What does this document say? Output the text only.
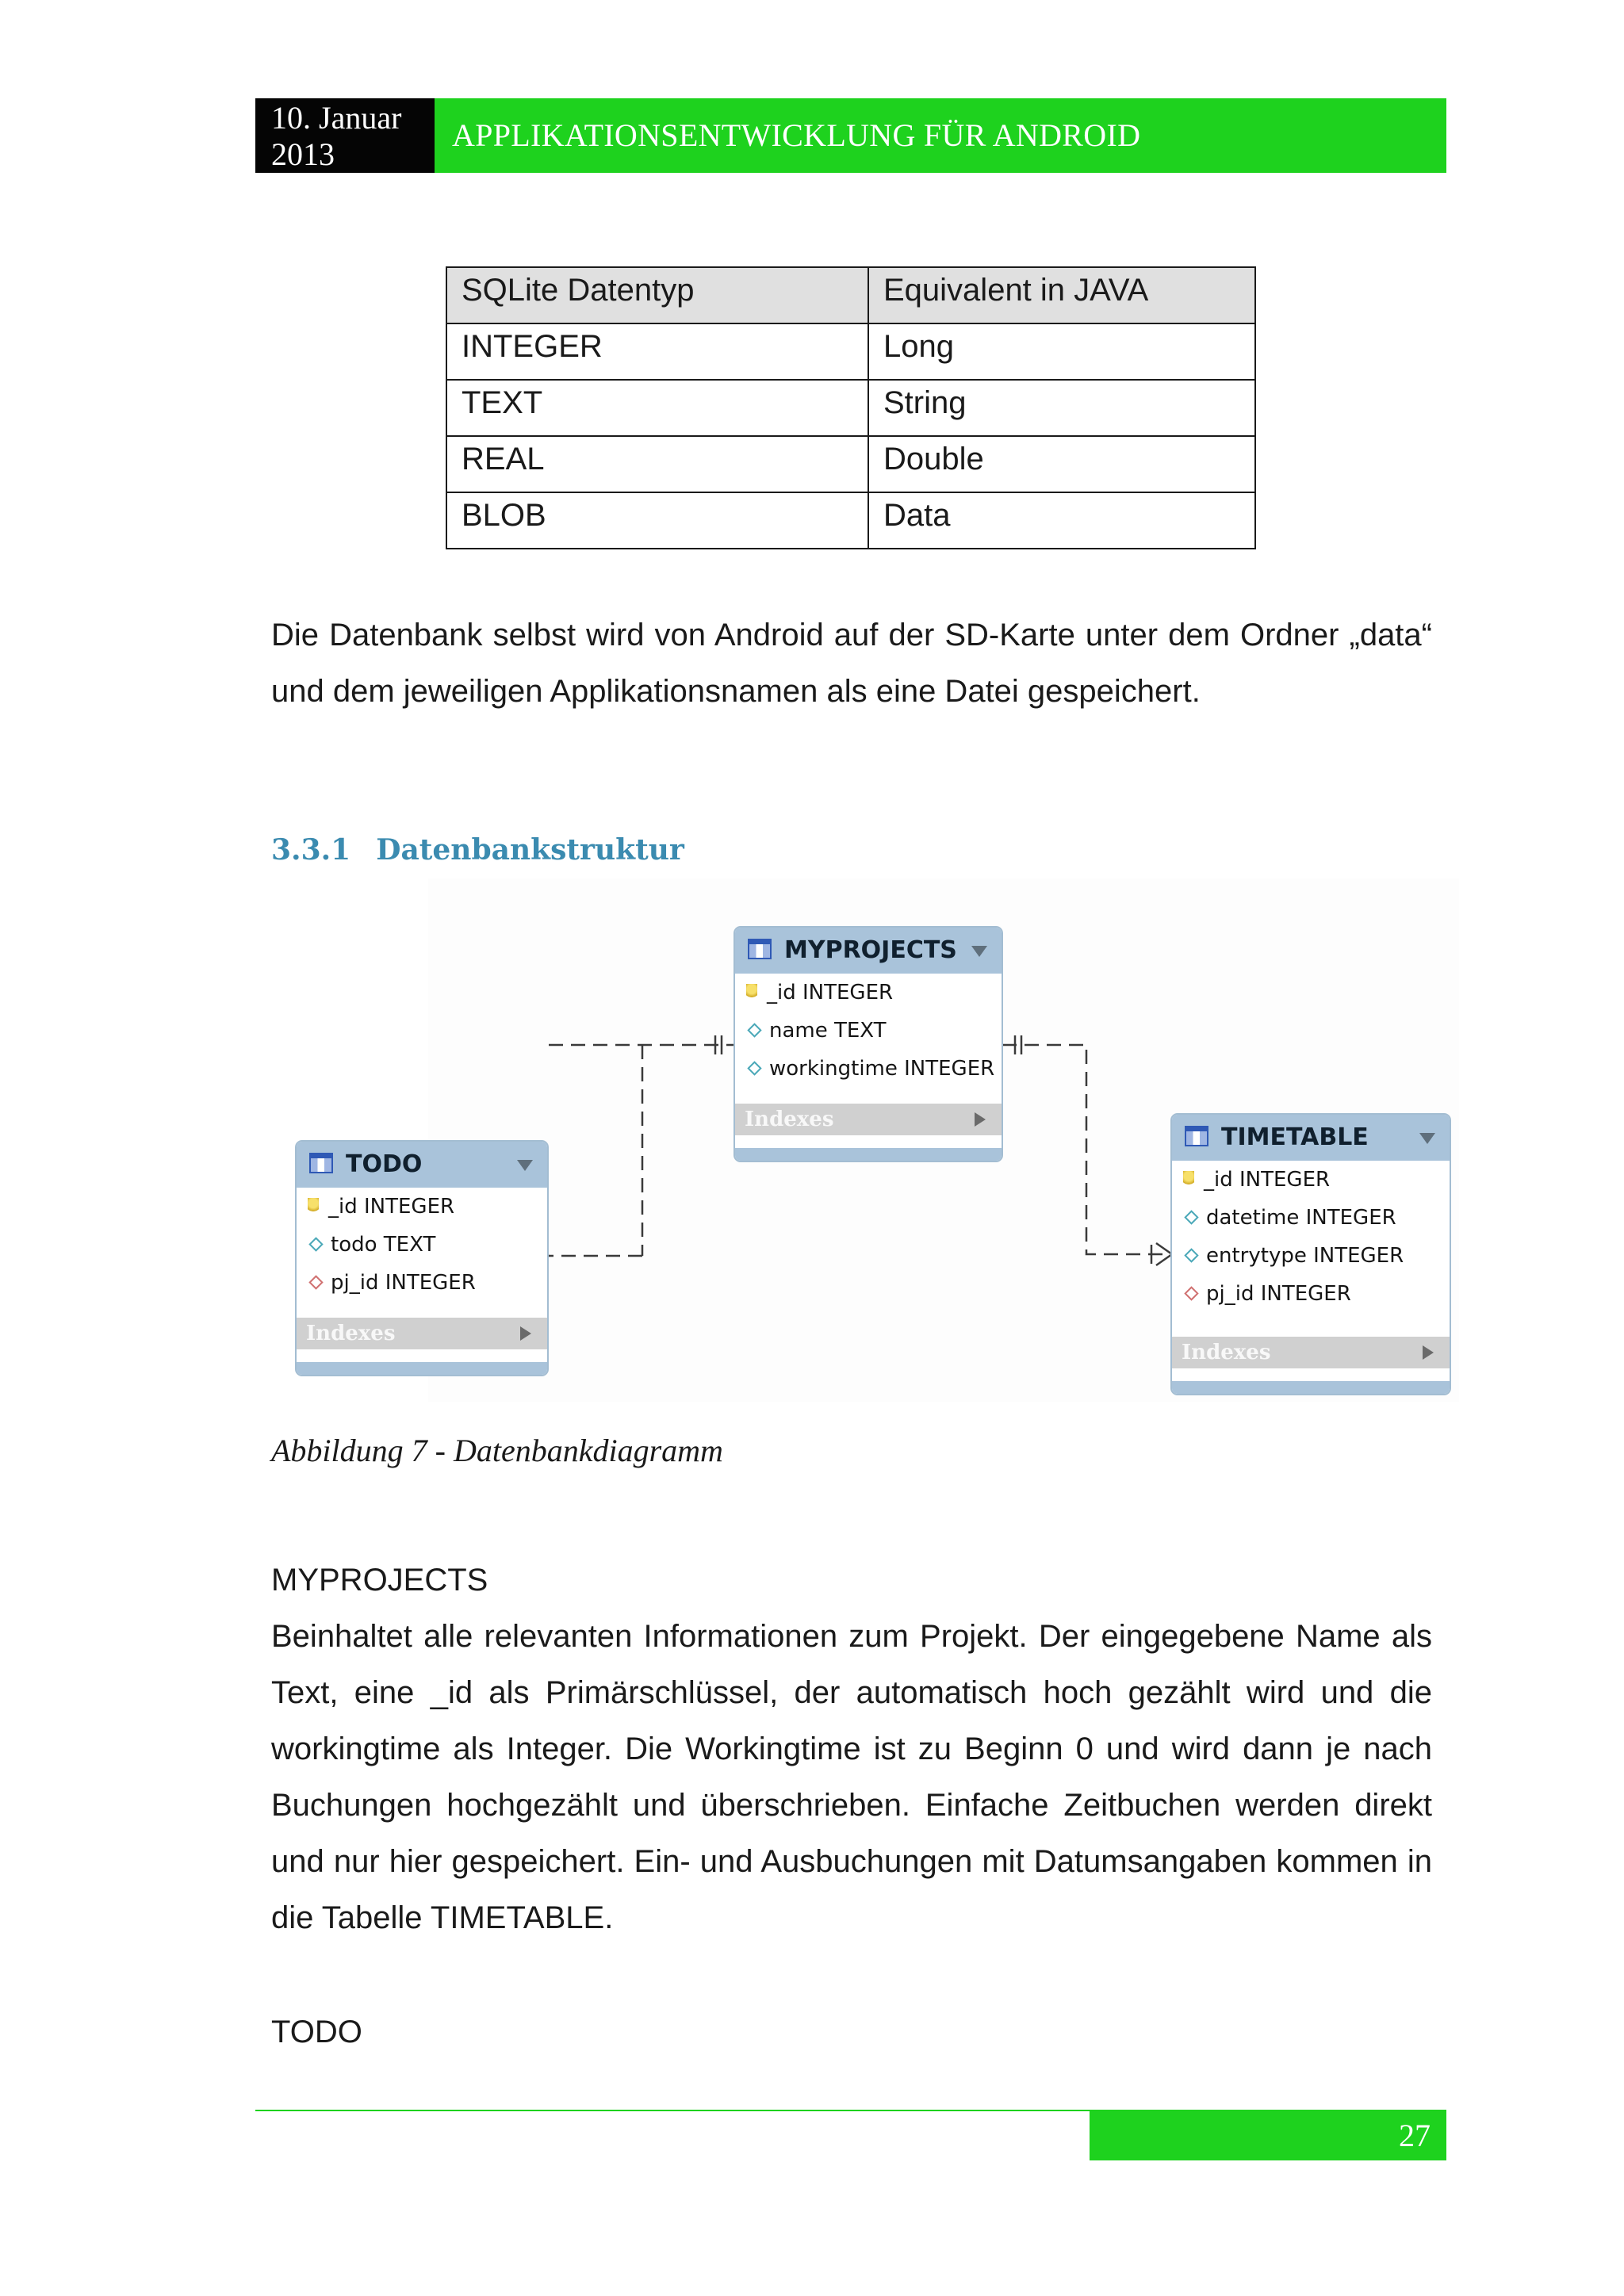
10. Januar
2013
APPLIKATIONSENTWICKLUNG FÜR ANDROID
SQLite Datentyp	Equivalent in JAVA
INTEGER	Long
TEXT	String
REAL	Double
BLOB	Data

Die Datenbank selbst wird von Android auf der SD-Karte unter dem Ordner „data“ und dem jeweiligen Applikationsnamen als eine Datei gespeichert.

3.3.1 Datenbankstruktur
MYPROJECTS
_id INTEGER
name TEXT
workingtime INTEGER
Indexes
TODO
_id INTEGER
todo TEXT
pj_id INTEGER
Indexes
TIMETABLE
_id INTEGER
datetime INTEGER
entrytype INTEGER
pj_id INTEGER
Indexes

Abbildung 7 - Datenbankdiagramm

MYPROJECTS

Beinhaltet alle relevanten Informationen zum Projekt. Der eingegebene Name als Text, eine _id als Primärschlüssel, der automatisch hoch gezählt wird und die workingtime als Integer. Die Workingtime ist zu Beginn 0 und wird dann je nach Buchungen hochgezählt und überschrieben. Einfache Zeitbuchen werden direkt und nur hier gespeichert. Ein- und Ausbuchungen mit Datumsangaben kommen in die Tabelle TIMETABLE.

TODO

27
